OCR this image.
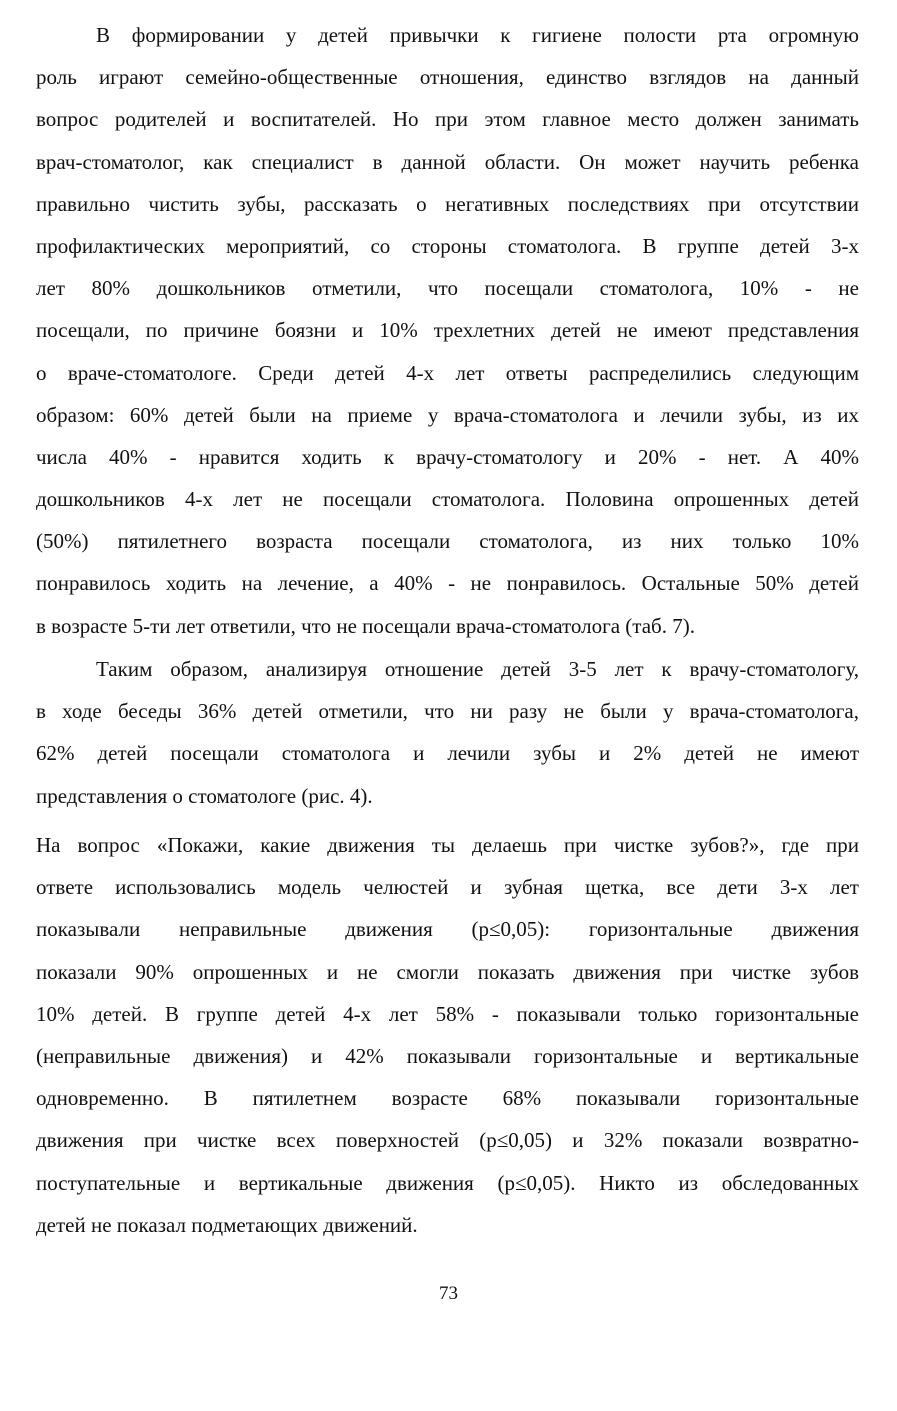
В формировании у детей привычки к гигиене полости рта огромную
роль играют семейно-общественные отношения, единство взглядов на данный
вопрос родителей и воспитателей. Но при этом главное место должен занимать
врач-стоматолог, как специалист в данной области. Он может научить ребенка
правильно чистить зубы, рассказать о негативных последствиях при отсутствии
профилактических мероприятий, со стороны стоматолога. В группе детей 3-х
лет 80% дошкольников отметили, что посещали стоматолога, 10% - не
посещали, по причине боязни и 10% трехлетних детей не имеют представления
о враче-стоматологе. Среди детей 4-х лет ответы распределились следующим
образом: 60% детей были на приеме у врача-стоматолога и лечили зубы, из их
числа 40% - нравится ходить к врачу-стоматологу и 20% - нет. А 40%
дошкольников 4-х лет не посещали стоматолога. Половина опрошенных детей
(50%) пятилетнего возраста посещали стоматолога, из них только 10%
понравилось ходить на лечение, а 40% - не понравилось. Остальные 50% детей
в возрасте 5-ти лет ответили, что не посещали врача-стоматолога (таб. 7).
Таким образом, анализируя отношение детей 3-5 лет к врачу-стоматологу,
в ходе беседы 36% детей отметили, что ни разу не были у врача-стоматолога,
62% детей посещали стоматолога и лечили зубы и 2% детей не имеют
представления о стоматологе (рис. 4).
На вопрос «Покажи, какие движения ты делаешь при чистке зубов?», где при
ответе использовались модель челюстей и зубная щетка, все дети 3-х лет
показывали неправильные движения (р≤0,05): горизонтальные движения
показали 90% опрошенных и не смогли показать движения при чистке зубов
10% детей. В группе детей 4-х лет 58% - показывали только горизонтальные
(неправильные движения) и 42% показывали горизонтальные и вертикальные
одновременно. В пятилетнем возрасте 68% показывали горизонтальные
движения при чистке всех поверхностей (р≤0,05) и 32% показали возвратно-
поступательные и вертикальные движения (р≤0,05). Никто из обследованных
детей не показал подметающих движений.
73
